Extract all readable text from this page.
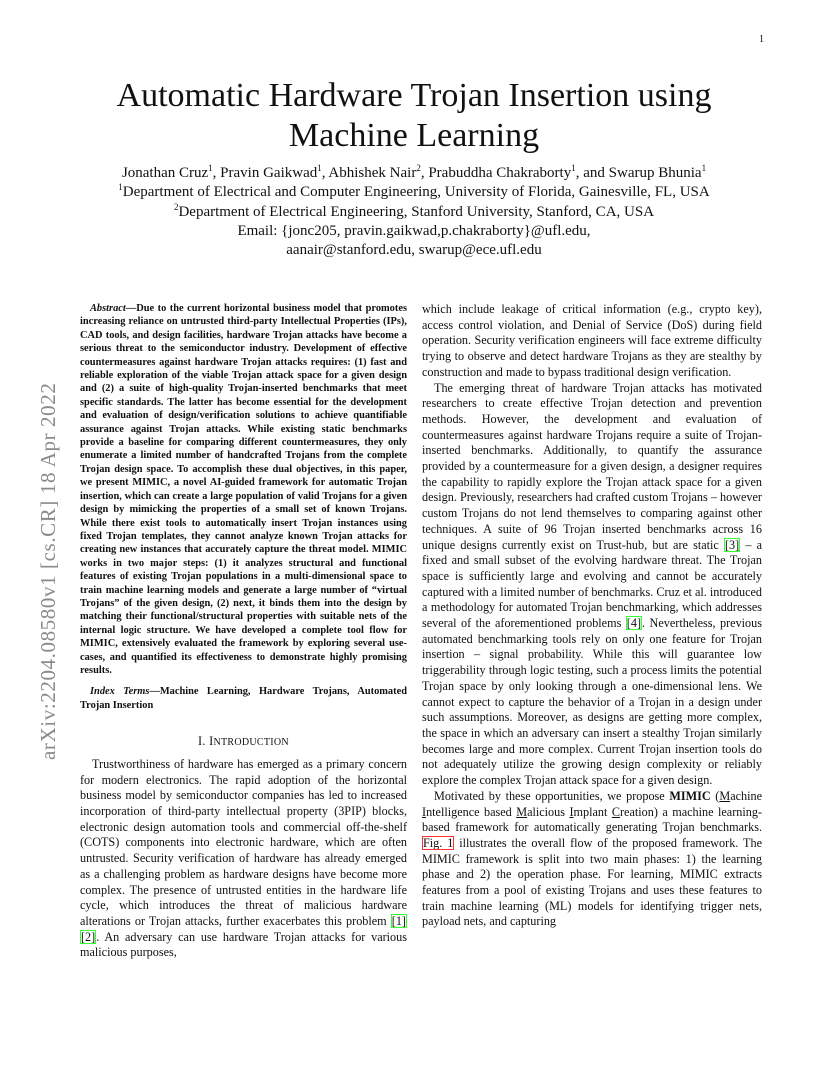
1
arXiv:2204.08580v1 [cs.CR] 18 Apr 2022
Automatic Hardware Trojan Insertion using Machine Learning
Jonathan Cruz$^1$, Pravin Gaikwad$^1$, Abhishek Nair$^2$, Prabuddha Chakraborty$^1$, and Swarup Bhunia$^1$
$^1$Department of Electrical and Computer Engineering, University of Florida, Gainesville, FL, USA
$^2$Department of Electrical Engineering, Stanford University, Stanford, CA, USA
Email: {jonc205, pravin.gaikwad,p.chakraborty}@ufl.edu,
aanair@stanford.edu, swarup@ece.ufl.edu

Abstract—Due to the current horizontal business model that promotes increasing reliance on untrusted third-party Intellectual Properties (IPs), CAD tools, and design facilities, hardware Trojan attacks have become a serious threat to the semiconductor industry. Development of effective countermeasures against hardware Trojan attacks requires: (1) fast and reliable exploration of the viable Trojan attack space for a given design and (2) a suite of high-quality Trojan-inserted benchmarks that meet specific standards. The latter has become essential for the development and evaluation of design/verification solutions to achieve quantifiable assurance against Trojan attacks. While existing static benchmarks provide a baseline for comparing different countermeasures, they only enumerate a limited number of handcrafted Trojans from the complete Trojan design space. To accomplish these dual objectives, in this paper, we present MIMIC, a novel AI-guided framework for automatic Trojan insertion, which can create a large population of valid Trojans for a given design by mimicking the properties of a small set of known Trojans. While there exist tools to automatically insert Trojan instances using fixed Trojan templates, they cannot analyze known Trojan attacks for creating new instances that accurately capture the threat model. MIMIC works in two major steps: (1) it analyzes structural and functional features of existing Trojan populations in a multi-dimensional space to train machine learning models and generate a large number of “virtual Trojans” of the given design, (2) next, it binds them into the design by matching their functional/structural properties with suitable nets of the internal logic structure. We have developed a complete tool flow for MIMIC, extensively evaluated the framework by exploring several use-cases, and quantified its effectiveness to demonstrate highly promising results.

Index Terms—Machine Learning, Hardware Trojans, Automated Trojan Insertion

I. INTRODUCTION

Trustworthiness of hardware has emerged as a primary concern for modern electronics. The rapid adoption of the horizontal business model by semiconductor companies has led to increased incorporation of third-party intellectual property (3PIP) blocks, electronic design automation tools and commercial off-the-shelf (COTS) components into electronic hardware, which are often untrusted. Security verification of hardware has already emerged as a challenging problem as hardware designs have become more complex. The presence of untrusted entities in the hardware life cycle, which introduces the threat of malicious hardware alterations or Trojan attacks, further exacerbates this problem [1] [2]. An adversary can use hardware Trojan attacks for various malicious purposes,

which include leakage of critical information (e.g., crypto key), access control violation, and Denial of Service (DoS) during field operation. Security verification engineers will face extreme difficulty trying to observe and detect hardware Trojans as they are stealthy by construction and made to bypass traditional design verification.

The emerging threat of hardware Trojan attacks has motivated researchers to create effective Trojan detection and prevention methods. However, the development and evaluation of countermeasures against hardware Trojans require a suite of Trojan-inserted benchmarks. Additionally, to quantify the assurance provided by a countermeasure for a given design, a designer requires the capability to rapidly explore the Trojan attack space for a given design. Previously, researchers had crafted custom Trojans – however custom Trojans do not lend themselves to comparing against other techniques. A suite of 96 Trojan inserted benchmarks across 16 unique designs currently exist on Trust-hub, but are static [3] – a fixed and small subset of the evolving hardware threat. The Trojan space is sufficiently large and evolving and cannot be accurately captured with a limited number of benchmarks. Cruz et al. introduced a methodology for automated Trojan benchmarking, which addresses several of the aforementioned problems [4]. Nevertheless, previous automated benchmarking tools rely on only one feature for Trojan insertion – signal probability. While this will guarantee low triggerability through logic testing, such a process limits the potential Trojan space by only looking through a one-dimensional lens. We cannot expect to capture the behavior of a Trojan in a design under such assumptions. Moreover, as designs are getting more complex, the space in which an adversary can insert a stealthy Trojan similarly becomes large and more complex. Current Trojan insertion tools do not adequately utilize the growing design complexity or reliably explore the complex Trojan attack space for a given design.

Motivated by these opportunities, we propose MIMIC (Machine Intelligence based Malicious Implant Creation) a machine learning-based framework for automatically generating Trojan benchmarks. Fig. 1 illustrates the overall flow of the proposed framework. The MIMIC framework is split into two main phases: 1) the learning phase and 2) the operation phase. For learning, MIMIC extracts features from a pool of existing Trojans and uses these features to train machine learning (ML) models for identifying trigger nets, payload nets, and capturing
